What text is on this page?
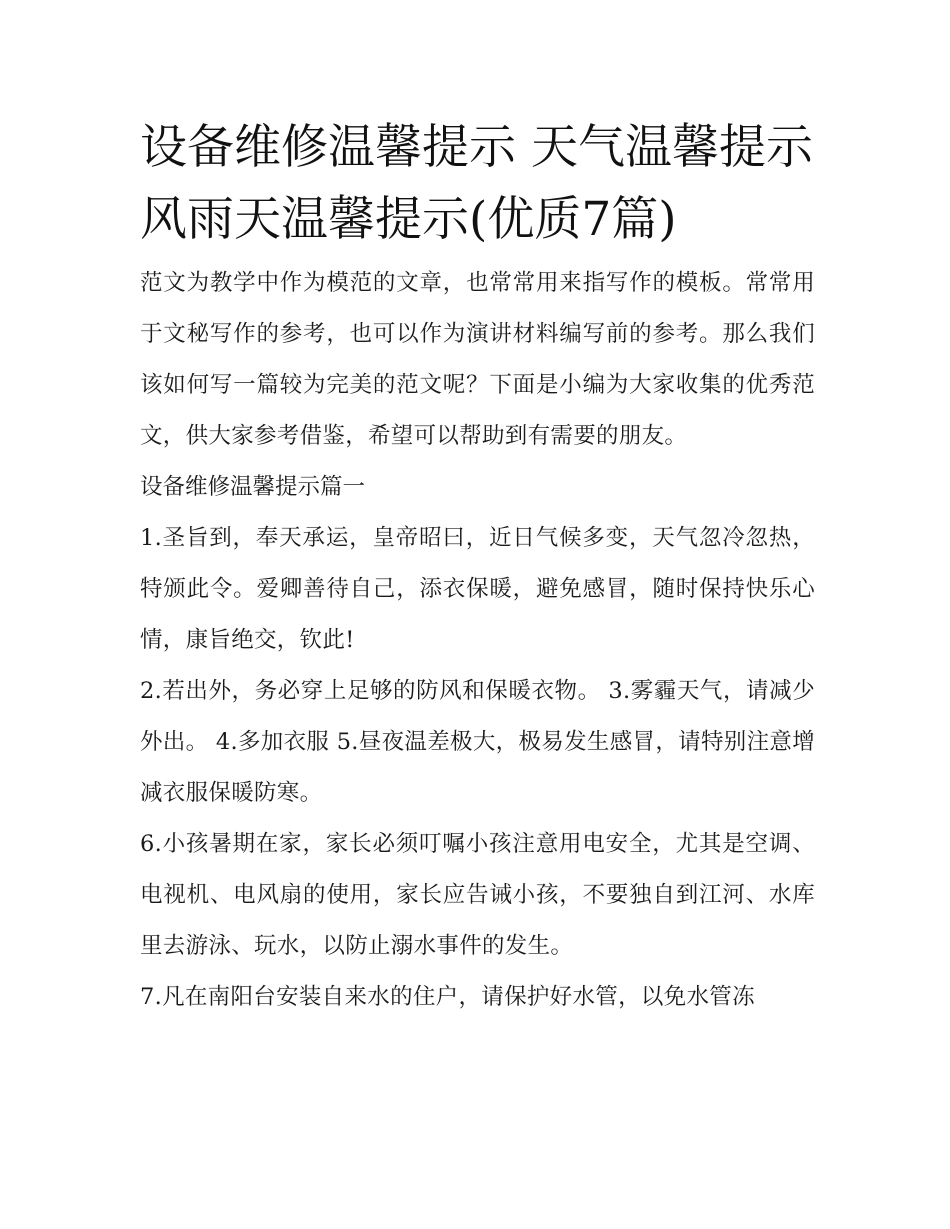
设备维修温馨提示 天气温馨提示风雨天温馨提示(优质7篇)

范文为教学中作为模范的文章，也常常用来指写作的模板。常常用于文秘写作的参考，也可以作为演讲材料编写前的参考。那么我们该如何写一篇较为完美的范文呢？下面是小编为大家收集的优秀范文，供大家参考借鉴，希望可以帮助到有需要的朋友。

设备维修温馨提示篇一

1.圣旨到，奉天承运，皇帝昭曰，近日气候多变，天气忽冷忽热，特颁此令。爱卿善待自己，添衣保暖，避免感冒，随时保持快乐心情，康旨绝交，钦此!

2.若出外，务必穿上足够的防风和保暖衣物。 3.雾霾天气，请减少外出。 4.多加衣服 5.昼夜温差极大，极易发生感冒，请特别注意增减衣服保暖防寒。

6.小孩暑期在家，家长必须叮嘱小孩注意用电安全，尤其是空调、电视机、电风扇的使用，家长应告诫小孩，不要独自到江河、水库里去游泳、玩水，以防止溺水事件的发生。

7.凡在南阳台安装自来水的住户，请保护好水管，以免水管冻
